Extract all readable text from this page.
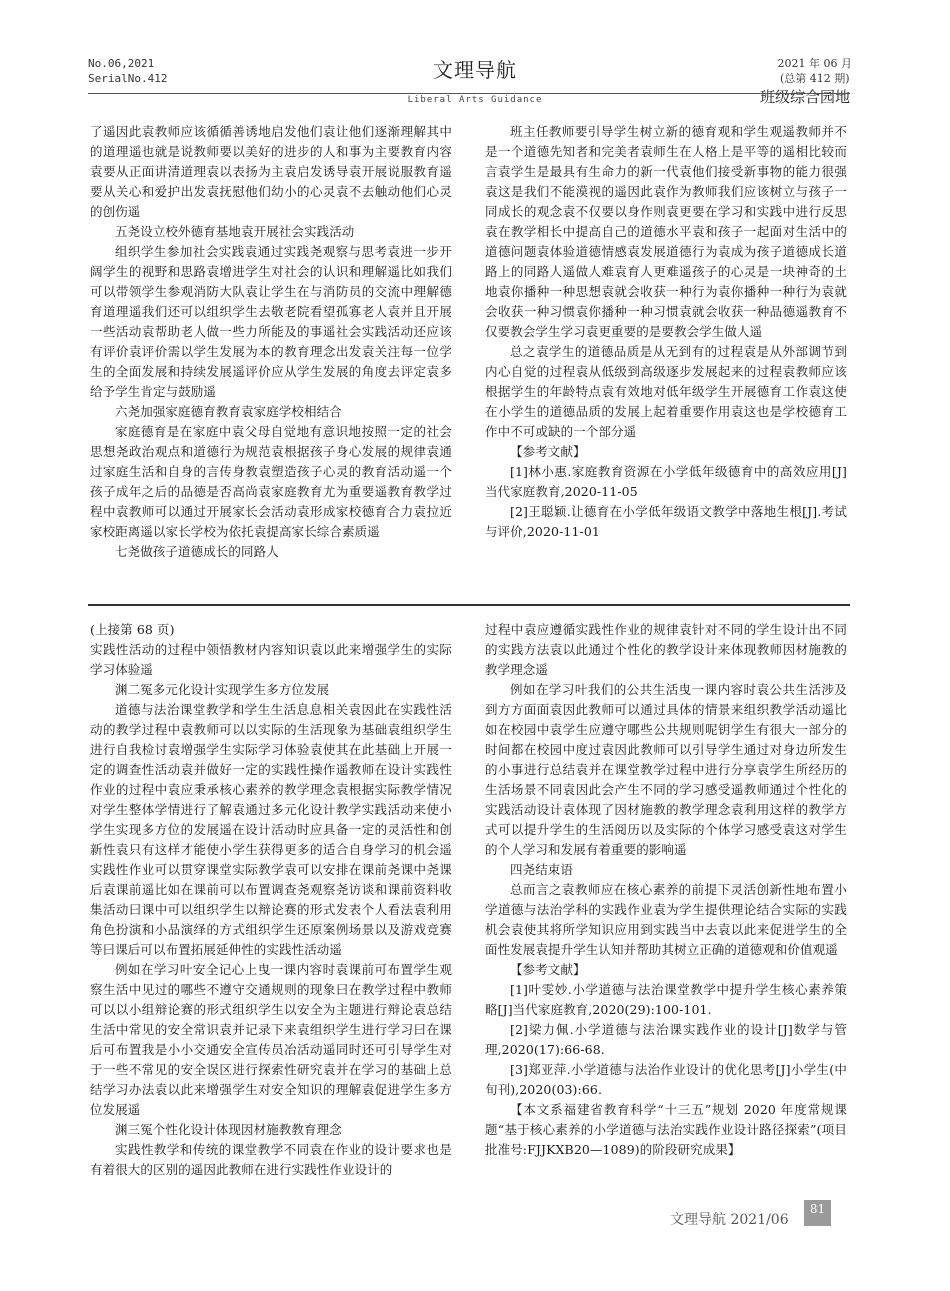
No.06,2021
SerialNo.412	文理导航	2021 年 06 月
(总第 412 期)
班级综合园地
Liberal Arts Guidance

了遥因此袁教师应该循循善诱地启发他们袁让他们逐渐理解其中的道理遥也就是说教师要以美好的进步的人和事为主要教育内容袁要从正面讲清道理袁以表扬为主袁启发诱导袁开展说服教育遥要从关心和爱护出发袁抚慰他们幼小的心灵袁不去触动他们心灵的创伤遥

五尧设立校外德育基地袁开展社会实践活动

组织学生参加社会实践袁通过实践尧观察与思考袁进一步开阔学生的视野和思路袁增进学生对社会的认识和理解遥比如我们可以带领学生参观消防大队袁让学生在与消防员的交流中理解德育道理遥我们还可以组织学生去敬老院看望孤寡老人袁并且开展一些活动袁帮助老人做一些力所能及的事遥社会实践活动还应该有评价袁评价需以学生发展为本的教育理念出发袁关注每一位学生的全面发展和持续发展遥评价应从学生发展的角度去评定袁多给予学生肯定与鼓励遥

六尧加强家庭德育教育袁家庭学校相结合

家庭德育是在家庭中袁父母自觉地有意识地按照一定的社会思想尧政治观点和道德行为规范袁根据孩子身心发展的规律袁通过家庭生活和自身的言传身教袁塑造孩子心灵的教育活动遥一个孩子成年之后的品德是否高尚袁家庭教育尤为重要遥教育教学过程中袁教师可以通过开展家长会活动袁形成家校德育合力袁拉近家校距离遥以家长学校为依托袁提高家长综合素质遥

七尧做孩子道德成长的同路人

班主任教师要引导学生树立新的德育观和学生观遥教师并不是一个道德先知者和完美者袁师生在人格上是平等的遥相比较而言袁学生是最具有生命力的新一代袁他们接受新事物的能力很强袁这是我们不能漠视的遥因此袁作为教师我们应该树立与孩子一同成长的观念袁不仅要以身作则袁更要在学习和实践中进行反思袁在教学相长中提高自己的道德水平袁和孩子一起面对生活中的道德问题袁体验道德情感袁发展道德行为袁成为孩子道德成长道路上的同路人遥做人难袁育人更难遥孩子的心灵是一块神奇的土地袁你播种一种思想袁就会收获一种行为袁你播种一种行为袁就会收获一种习惯袁你播种一种习惯袁就会收获一种品德遥教育不仅要教会学生学习袁更重要的是要教会学生做人遥

总之袁学生的道德品质是从无到有的过程袁是从外部调节到内心自觉的过程袁从低级到高级逐步发展起来的过程袁教师应该根据学生的年龄特点袁有效地对低年级学生开展德育工作袁这使在小学生的道德品质的发展上起着重要作用袁这也是学校德育工作中不可或缺的一个部分遥

【参考文献】

[1]林小惠.家庭教育资源在小学低年级德育中的高效应用[J]当代家庭教育,2020-11-05

[2]王聪颖.让德育在小学低年级语文教学中落地生根[J].考试与评价,2020-11-01

(上接第 68 页)

实践性活动的过程中领悟教材内容知识袁以此来增强学生的实际学习体验遥

渊二冤多元化设计实现学生多方位发展

道德与法治课堂教学和学生生活息息相关袁因此在实践性活动的教学过程中袁教师可以以实际的生活现象为基础袁组织学生进行自我检讨袁增强学生实际学习体验袁使其在此基础上开展一定的调查性活动袁并做好一定的实践性操作遥教师在设计实践性作业的过程中袁应秉承核心素养的教学理念袁根据实际教学情况对学生整体学情进行了解袁通过多元化设计教学实践活动来使小学生实现多方位的发展遥在设计活动时应具备一定的灵活性和创新性袁只有这样才能使小学生获得更多的适合自身学习的机会遥实践性作业可以贯穿课堂实际教学袁可以安排在课前尧课中尧课后袁课前遥比如在课前可以布置调查尧观察尧访谈和课前资料收集活动曰课中可以组织学生以辩论赛的形式发表个人看法袁利用角色扮演和小品演绎的方式组织学生还原案例场景以及游戏竞赛等曰课后可以布置拓展延伸性的实践性活动遥

例如在学习叶安全记心上曳一课内容时袁课前可布置学生观察生活中见过的哪些不遵守交通规则的现象曰在教学过程中教师可以以小组辩论赛的形式组织学生以安全为主题进行辩论袁总结生活中常见的安全常识袁并记录下来袁组织学生进行学习曰在课后可布置我是小小交通安全宣传员冶活动遥同时还可引导学生对于一些不常见的安全误区进行探索性研究袁并在学习的基础上总结学习办法袁以此来增强学生对安全知识的理解袁促进学生多方位发展遥

渊三冤个性化设计体现因材施教教育理念

实践性教学和传统的课堂教学不同袁在作业的设计要求也是有着很大的区别的遥因此教师在进行实践性作业设计的

过程中袁应遵循实践性作业的规律袁针对不同的学生设计出不同的实践方法袁以此通过个性化的教学设计来体现教师因材施教的教学理念遥

例如在学习叶我们的公共生活曳一课内容时袁公共生活涉及到方方面面袁因此教师可以通过具体的情景来组织教学活动遥比如在校园中袁学生应遵守哪些公共规则呢钥学生有很大一部分的时间都在校园中度过袁因此教师可以引导学生通过对身边所发生的小事进行总结袁并在课堂教学过程中进行分享袁学生所经历的生活场景不同袁因此会产生不同的学习感受遥教师通过个性化的实践活动设计袁体现了因材施教的教学理念袁利用这样的教学方式可以提升学生的生活阅历以及实际的个体学习感受袁这对学生的个人学习和发展有着重要的影响遥

四尧结束语

总而言之袁教师应在核心素养的前提下灵活创新性地布置小学道德与法治学科的实践作业袁为学生提供理论结合实际的实践机会袁使其将所学知识应用到实践当中去袁以此来促进学生的全面性发展袁提升学生认知并帮助其树立正确的道德观和价值观遥

【参考文献】

[1]叶雯妙.小学道德与法治课堂教学中提升学生核心素养策略[J]当代家庭教育,2020(29):100-101.

[2]梁力佩.小学道德与法治课实践作业的设计[J]数学与管理,2020(17):66-68.

[3]郑亚萍.小学道德与法治作业设计的优化思考[J]小学生(中旬刊),2020(03):66.

【本文系福建省教育科学“十三五”规划 2020 年度常规课题“基于核心素养的小学道德与法治实践作业设计路径探索”(项目批准号:FJJKXB20—1089)的阶段研究成果】

文理导航 2021/06
81
